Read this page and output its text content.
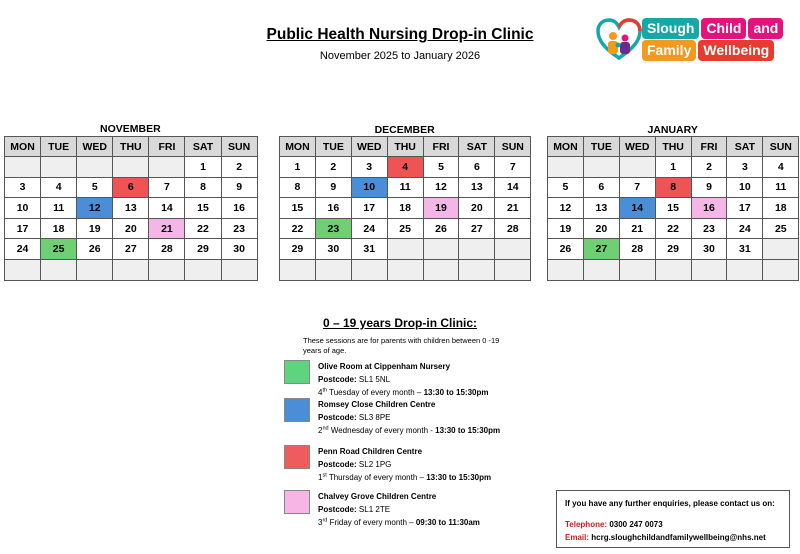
Public Health Nursing Drop-in Clinic
November 2025 to January 2026
Slough Child and
Family Wellbeing
NOVEMBER
MON	TUE	WED	THU	FRI	SAT	SUN
					1	2
3	4	5	6	7	8	9
10	11	12	13	14	15	16
17	18	19	20	21	22	23
24	25	26	27	28	29	30

DECEMBER
MON	TUE	WED	THU	FRI	SAT	SUN
1	2	3	4	5	6	7
8	9	10	11	12	13	14
15	16	17	18	19	20	21
22	23	24	25	26	27	28
29	30	31				

JANUARY
MON	TUE	WED	THU	FRI	SAT	SUN
			1	2	3	4
5	6	7	8	9	10	11
12	13	14	15	16	17	18
19	20	21	22	23	24	25
26	27	28	29	30	31	

0 – 19 years Drop-in Clinic:
These sessions are for parents with children between 0 -19 years of age.
Olive Room at Cippenham Nursery
Postcode: SL1 5NL
4th Tuesday of every month – 13:30 to 15:30pm
Romsey Close Children Centre
Postcode: SL3 8PE
2nd Wednesday of every month - 13:30 to 15:30pm
Penn Road Children Centre
Postcode: SL2 1PG
1st Thursday of every month – 13:30 to 15:30pm
Chalvey Grove Children Centre
Postcode: SL1 2TE
3rd Friday of every month – 09:30 to 11:30am
If you have any further enquiries, please contact us on:
Telephone: 0300 247 0073
Email: hcrg.sloughchildandfamilywellbeing@nhs.net
